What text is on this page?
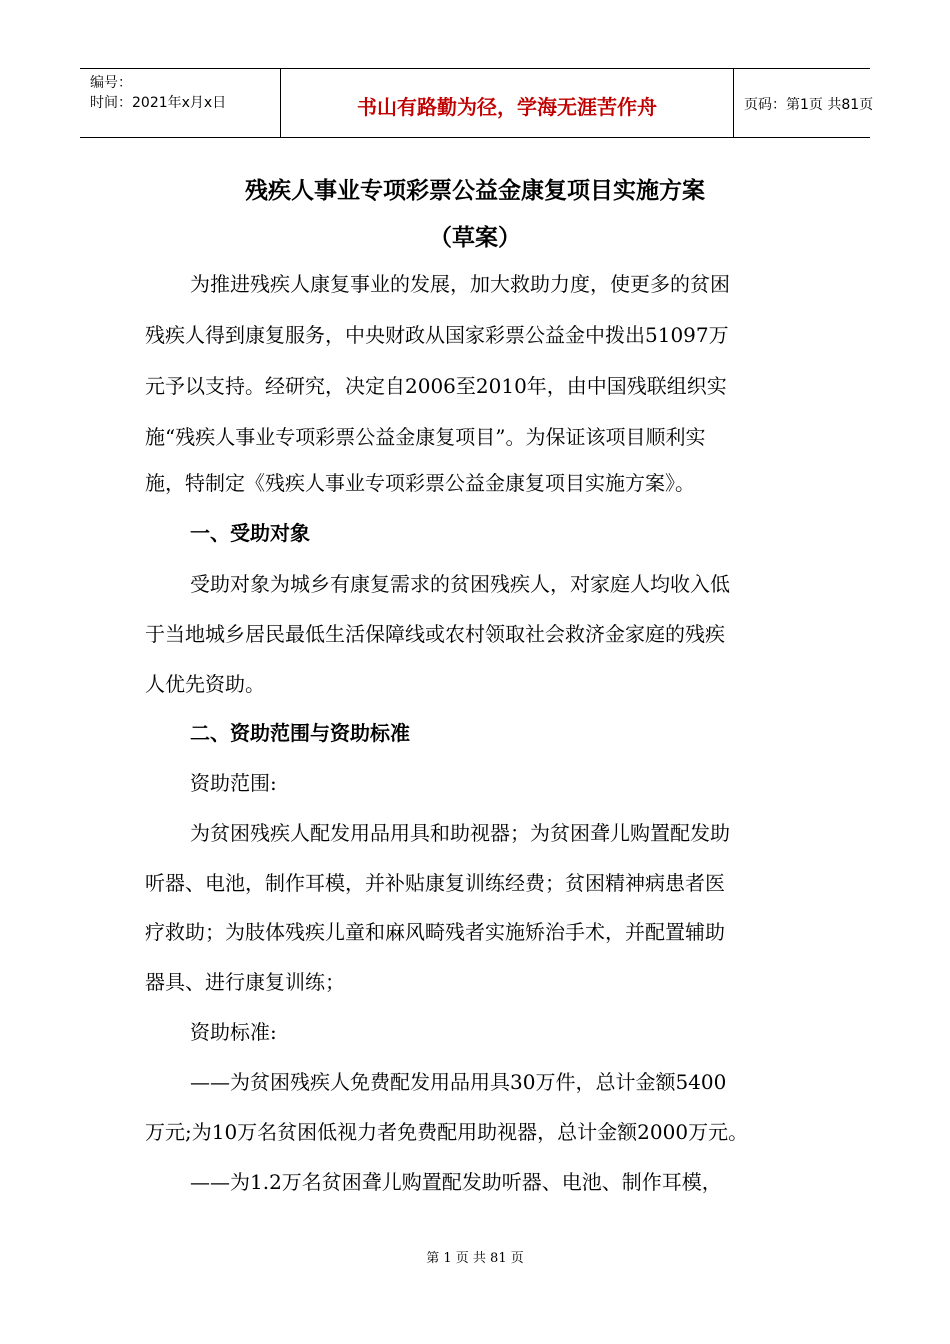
编号：
时间：2021年x月x日	书山有路勤为径，学海无涯苦作舟	页码：第1页 共81页
残疾人事业专项彩票公益金康复项目实施方案
（草案）
为推进残疾人康复事业的发展，加大救助力度，使更多的贫困
残疾人得到康复服务，中央财政从国家彩票公益金中拨出51097万
元予以支持。经研究，决定自2006至2010年，由中国残联组织实
施“残疾人事业专项彩票公益金康复项目”。为保证该项目顺利实
施，特制定《残疾人事业专项彩票公益金康复项目实施方案》。
一、受助对象
受助对象为城乡有康复需求的贫困残疾人，对家庭人均收入低
于当地城乡居民最低生活保障线或农村领取社会救济金家庭的残疾
人优先资助。
二、资助范围与资助标准
资助范围:
为贫困残疾人配发用品用具和助视器；为贫困聋儿购置配发助
听器、电池，制作耳模，并补贴康复训练经费；贫困精神病患者医
疗救助；为肢体残疾儿童和麻风畸残者实施矫治手术，并配置辅助
器具、进行康复训练；
资助标准:
——为贫困残疾人免费配发用品用具30万件，总计金额5400
万元;为10万名贫困低视力者免费配用助视器，总计金额2000万元。
——为1.2万名贫困聋儿购置配发助听器、电池、制作耳模，
第 1 页 共 81 页
